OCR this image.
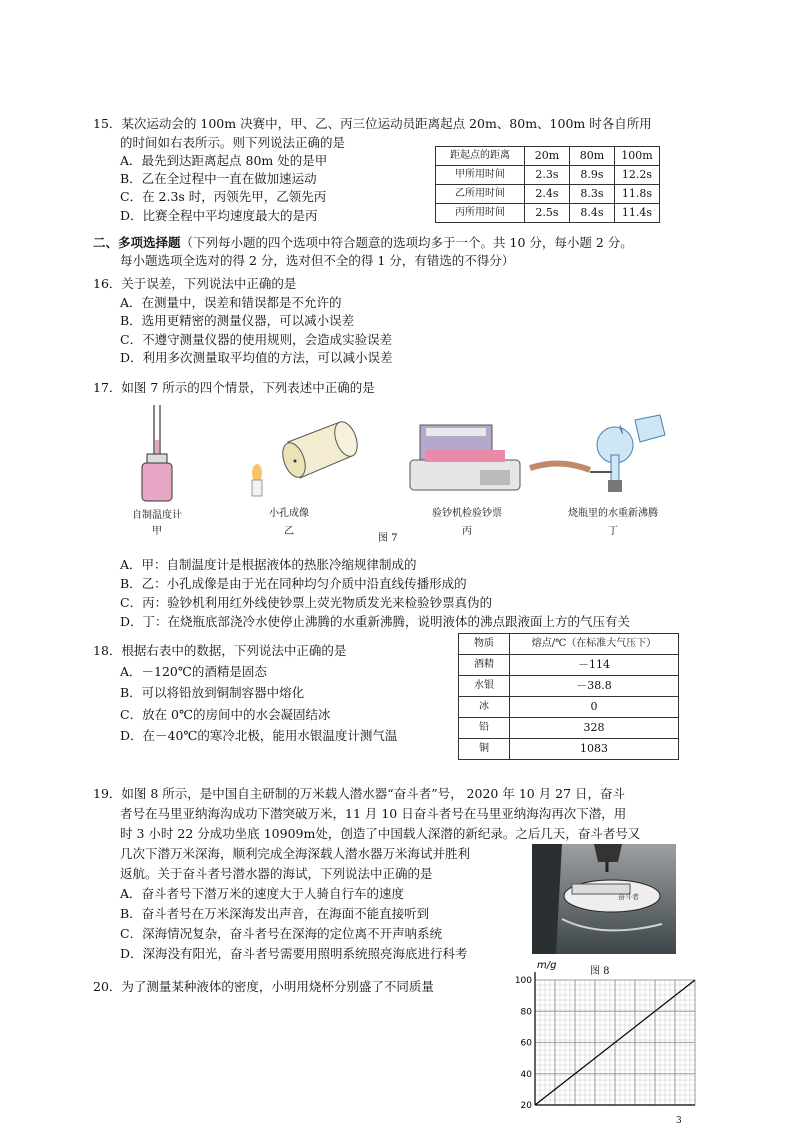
15．某次运动会的 100m 决赛中，甲、乙、丙三位运动员距离起点 20m、80m、100m 时各自所用
的时间如右表所示。则下列说法正确的是
A．最先到达距离起点 80m 处的是甲
B．乙在全过程中一直在做加速运动
C．在 2.3s 时，丙领先甲，乙领先丙
D．比赛全程中平均速度最大的是丙
距起点的距离	20m	80m	100m
甲所用时间	2.3s	8.9s	12.2s
乙所用时间	2.4s	8.3s	11.8s
丙所用时间	2.5s	8.4s	11.4s
二、多项选择题（下列每小题的四个选项中符合题意的选项均多于一个。共 10 分，每小题 2 分。
每小题选项全选对的得 2 分，选对但不全的得 1 分，有错选的不得分）
16．关于误差，下列说法中正确的是
A．在测量中，误差和错误都是不允许的
B．选用更精密的测量仪器，可以减小误差
C．不遵守测量仪器的使用规则，会造成实验误差
D．利用多次测量取平均值的方法，可以减小误差
17．如图 7 所示的四个情景，下列表述中正确的是
自制温度计
甲
小孔成像
乙
图 7
验钞机检验钞票
丙
烧瓶里的水重新沸腾
丁
A．甲：自制温度计是根据液体的热胀冷缩规律制成的
B．乙：小孔成像是由于光在同种均匀介质中沿直线传播形成的
C．丙：验钞机利用红外线使钞票上荧光物质发光来检验钞票真伪的
D．丁：在烧瓶底部浇冷水使停止沸腾的水重新沸腾，说明液体的沸点跟液面上方的气压有关
18．根据右表中的数据，下列说法中正确的是
A．－120℃的酒精是固态
B．可以将铅放到铜制容器中熔化
C．放在 0℃的房间中的水会凝固结冰
D．在－40℃的寒冷北极，能用水银温度计测气温
物质	熔点/℃（在标准大气压下）
酒精	－114
水银	－38.8
冰	0
铅	328
铜	1083
19．如图 8 所示，是中国自主研制的万米载人潜水器“奋斗者”号， 2020 年 10 月 27 日，奋斗
者号在马里亚纳海沟成功下潜突破万米，11 月 10 日奋斗者号在马里亚纳海沟再次下潜，用
时 3 小时 22 分成功坐底 10909m处，创造了中国载人深潜的新纪录。之后几天，奋斗者号又
几次下潜万米深海，顺利完成全海深载人潜水器万米海试并胜利
返航。关于奋斗者号潜水器的海试，下列说法中正确的是
A．奋斗者号下潜万米的速度大于人骑自行车的速度
B．奋斗者号在万米深海发出声音，在海面不能直接听到
C．深海情况复杂，奋斗者号在深海的定位离不开声呐系统
D．深海没有阳光，奋斗者号需要用照明系统照亮海底进行科考
奋斗者
图 8
20．为了测量某种液体的密度，小明用烧杯分别盛了不同质量
m/g
20
40
60
80
100
3
